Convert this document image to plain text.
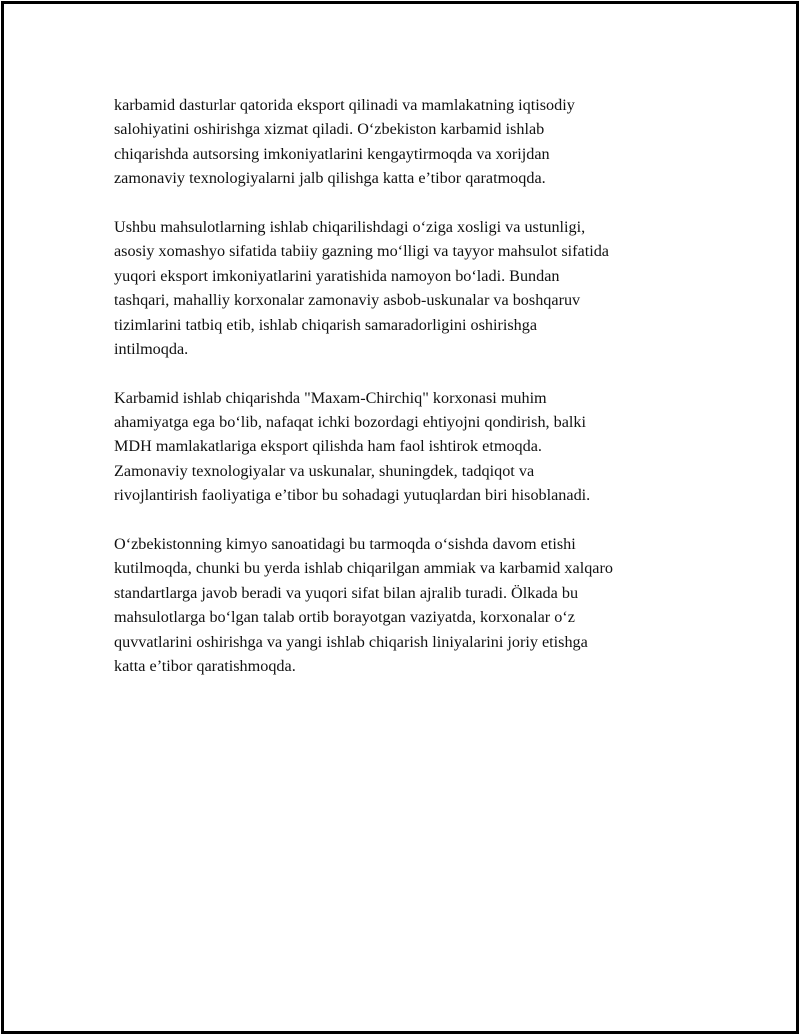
karbamid dasturlar qatorida eksport qilinadi va mamlakatning iqtisodiy
salohiyatini oshirishga xizmat qiladi. O‘zbekiston karbamid ishlab
chiqarishda autsorsing imkoniyatlarini kengaytirmoqda va xorijdan
zamonaviy texnologiyalarni jalb qilishga katta e’tibor qaratmoqda.

Ushbu mahsulotlarning ishlab chiqarilishdagi o‘ziga xosligi va ustunligi,
asosiy xomashyo sifatida tabiiy gazning mo‘lligi va tayyor mahsulot sifatida
yuqori eksport imkoniyatlarini yaratishida namoyon bo‘ladi. Bundan
tashqari, mahalliy korxonalar zamonaviy asbob-uskunalar va boshqaruv
tizimlarini tatbiq etib, ishlab chiqarish samaradorligini oshirishga
intilmoqda.

Karbamid ishlab chiqarishda "Maxam-Chirchiq" korxonasi muhim
ahamiyatga ega bo‘lib, nafaqat ichki bozordagi ehtiyojni qondirish, balki
MDH mamlakatlariga eksport qilishda ham faol ishtirok etmoqda.
Zamonaviy texnologiyalar va uskunalar, shuningdek, tadqiqot va
rivojlantirish faoliyatiga e’tibor bu sohadagi yutuqlardan biri hisoblanadi.

O‘zbekistonning kimyo sanoatidagi bu tarmoqda o‘sishda davom etishi
kutilmoqda, chunki bu yerda ishlab chiqarilgan ammiak va karbamid xalqaro
standartlarga javob beradi va yuqori sifat bilan ajralib turadi. Ölkada bu
mahsulotlarga bo‘lgan talab ortib borayotgan vaziyatda, korxonalar o‘z
quvvatlarini oshirishga va yangi ishlab chiqarish liniyalarini joriy etishga
katta e’tibor qaratishmoqda.
